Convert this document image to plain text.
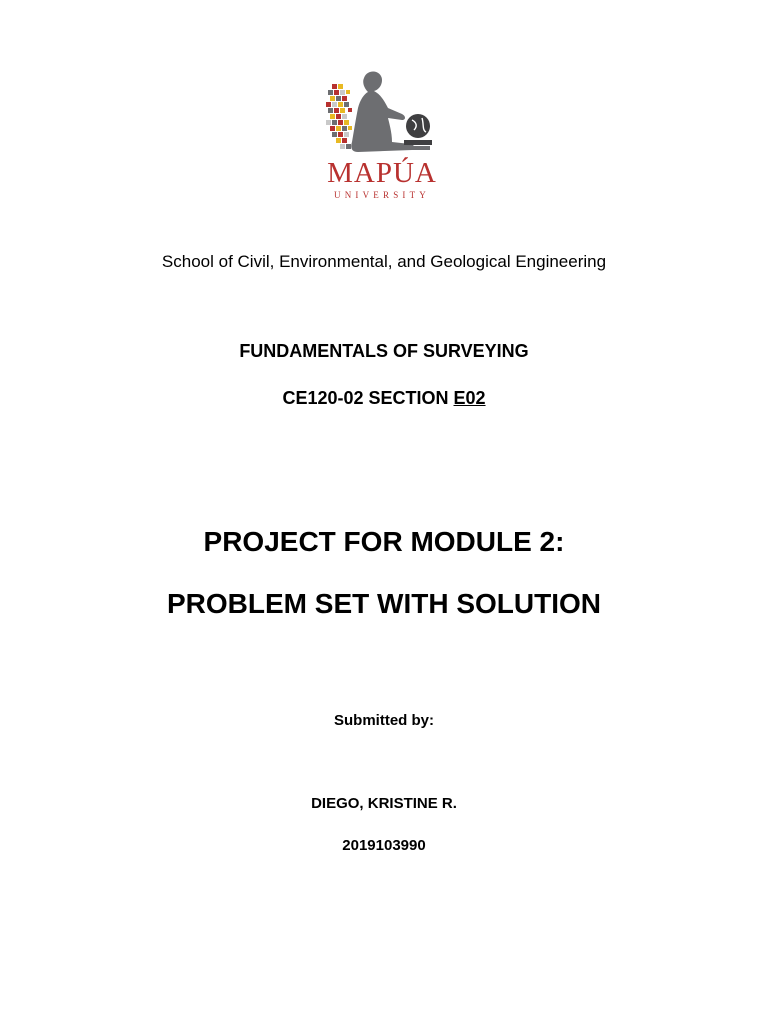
MAPÚA
UNIVERSITY
School of Civil, Environmental, and Geological Engineering
FUNDAMENTALS OF SURVEYING
CE120-02 SECTION E02
PROJECT FOR MODULE 2:
PROBLEM SET WITH SOLUTION
Submitted by:
DIEGO, KRISTINE R.
2019103990
